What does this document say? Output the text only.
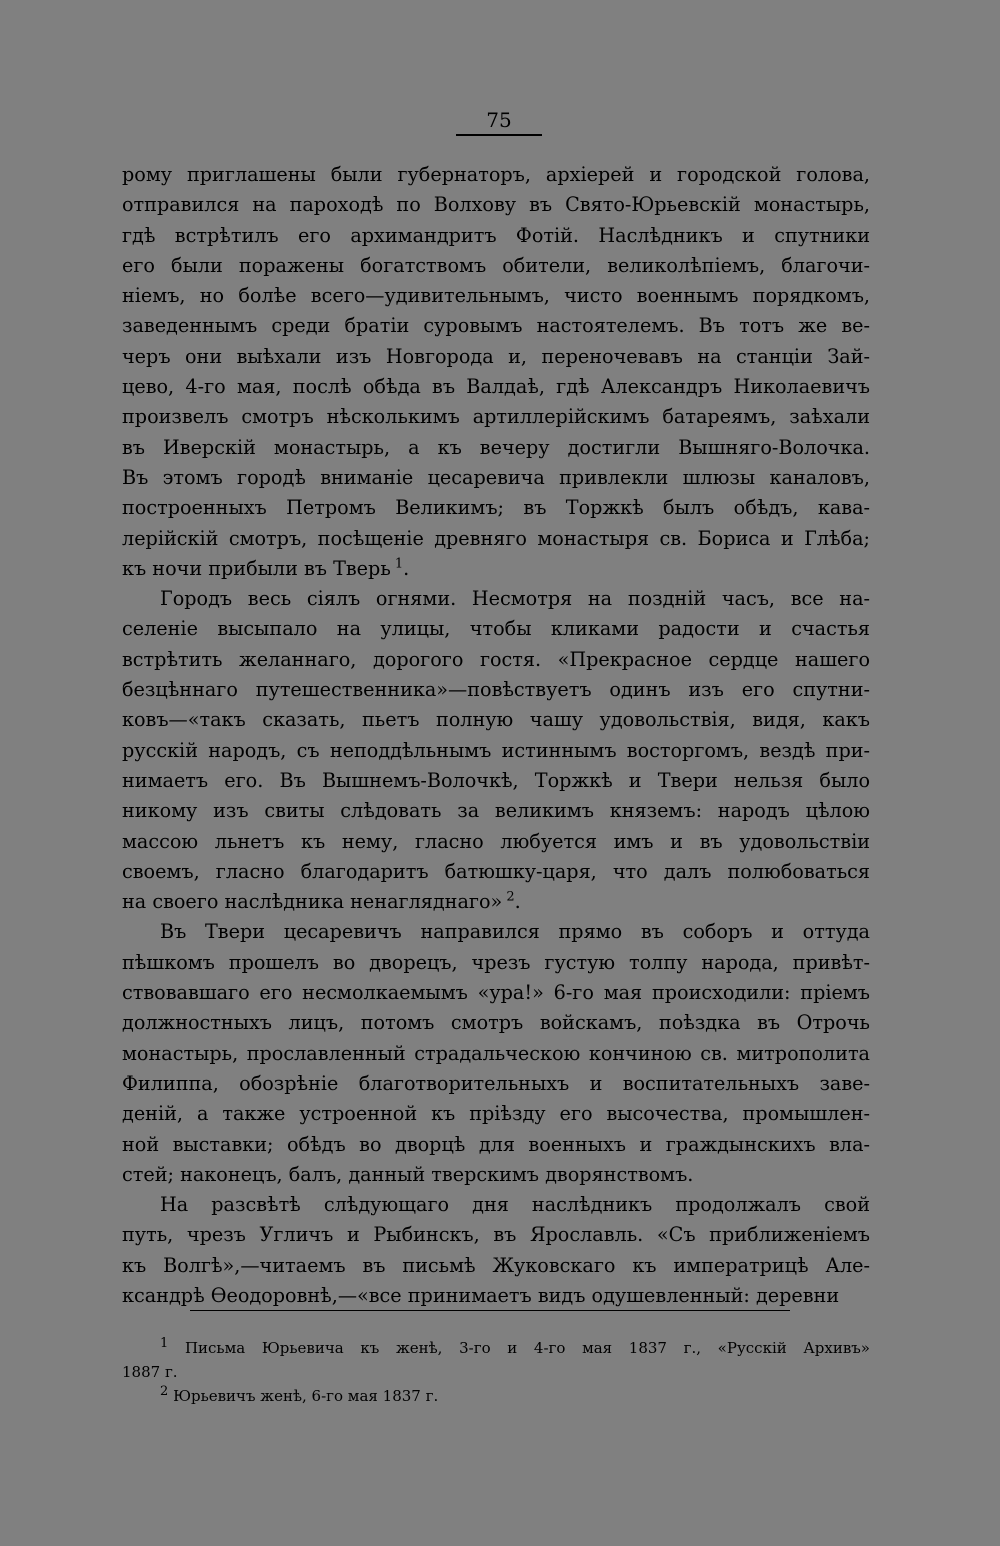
75
рому приглашены были губернаторъ, архіерей и городской голова,
отправился на пароходѣ по Волхову въ Свято-Юрьевскій монастырь,
гдѣ встрѣтилъ его архимандритъ Фотій. Наслѣдникъ и спутники
его были поражены богатствомъ обители, великолѣпіемъ, благочи-
ніемъ, но болѣе всего—удивительнымъ, чисто военнымъ порядкомъ,
заведеннымъ среди братіи суровымъ настоятелемъ. Въ тотъ же ве-
черъ они выѣхали изъ Новгорода и, переночевавъ на станціи Зай-
цево, 4-го мая, послѣ обѣда въ Валдаѣ, гдѣ Александръ Николаевичъ
произвелъ смотръ нѣсколькимъ артиллерійскимъ батареямъ, заѣхали
въ Иверскій монастырь, а къ вечеру достигли Вышняго-Волочка.
Въ этомъ городѣ вниманіе цесаревича привлекли шлюзы каналовъ,
построенныхъ Петромъ Великимъ; въ Торжкѣ былъ обѣдъ, кава-
лерійскій смотръ, посѣщеніе древняго монастыря св. Бориса и Глѣба;
къ ночи прибыли въ Тверь $^1$.
Городъ весь сіялъ огнями. Несмотря на поздній часъ, все на-
селеніе высыпало на улицы, чтобы кликами радости и счастья
встрѣтить желаннаго, дорогого гостя. «Прекрасное сердце нашего
безцѣннаго путешественника»—повѣствуетъ одинъ изъ его спутни-
ковъ—«такъ сказать, пьетъ полную чашу удовольствія, видя, какъ
русскій народъ, съ неподдѣльнымъ истиннымъ восторгомъ, вездѣ при-
нимаетъ его. Въ Вышнемъ-Волочкѣ, Торжкѣ и Твери нельзя было
никому изъ свиты слѣдовать за великимъ княземъ: народъ цѣлою
массою льнетъ къ нему, гласно любуется имъ и въ удовольствіи
своемъ, гласно благодаритъ батюшку-царя, что далъ полюбоваться
на своего наслѣдника ненагляднаго» $^2$.
Въ Твери цесаревичъ направился прямо въ соборъ и оттуда
пѣшкомъ прошелъ во дворецъ, чрезъ густую толпу народа, привѣт-
ствовавшаго его несмолкаемымъ «ура!» 6-го мая происходили: пріемъ
должностныхъ лицъ, потомъ смотръ войскамъ, поѣздка въ Отрочь
монастырь, прославленный страдальческою кончиною св. митрополита
Филиппа, обозрѣніе благотворительныхъ и воспитательныхъ заве-
деній, а также устроенной къ пріѣзду его высочества, промышлен-
ной выставки; обѣдъ во дворцѣ для военныхъ и граждынскихъ вла-
стей; наконецъ, балъ, данный тверскимъ дворянствомъ.
На разсвѣтѣ слѣдующаго дня наслѣдникъ продолжалъ свой
путь, чрезъ Угличъ и Рыбинскъ, въ Ярославль. «Съ приближеніемъ
къ Волгѣ»,—читаемъ въ письмѣ Жуковскаго къ императрицѣ Але-
ксандрѣ Ѳеодоровнѣ,—«все принимаетъ видъ одушевленный: деревни
$^1$ Письма Юрьевича къ женѣ, 3-го и 4-го мая 1837 г., «Русскій Архивъ»
1887 г.
$^2$ Юрьевичъ женѣ, 6-го мая 1837 г.
